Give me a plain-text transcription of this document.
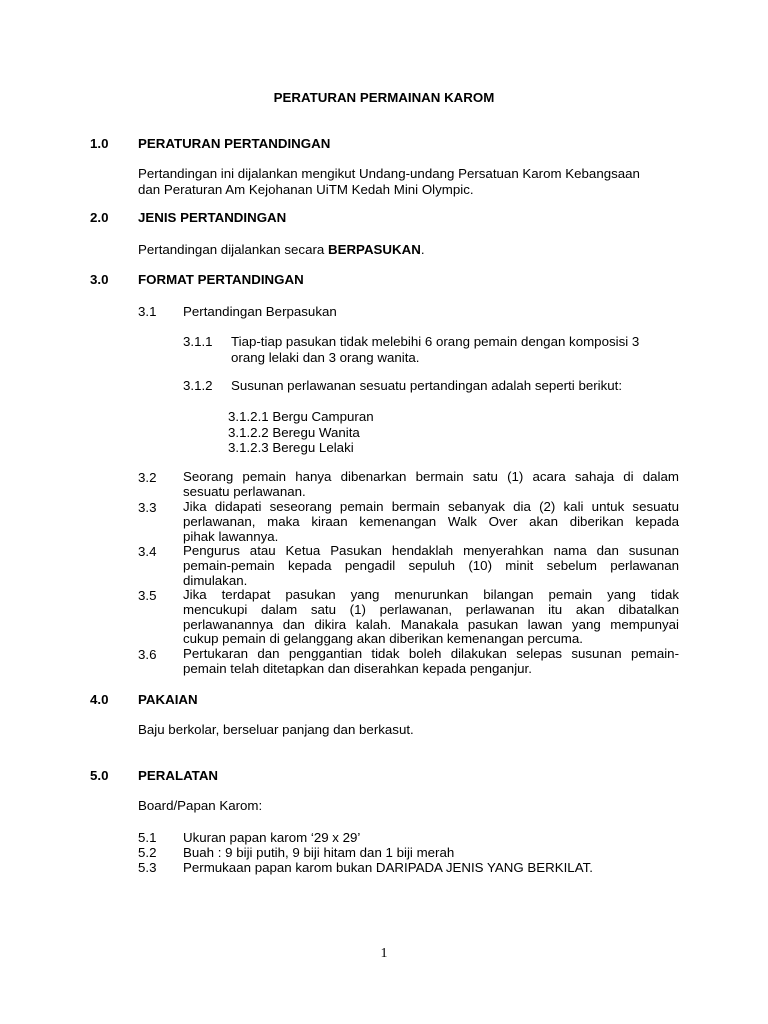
PERATURAN PERMAINAN KAROM
1.0 PERATURAN PERTANDINGAN
Pertandingan ini dijalankan mengikut Undang-undang Persatuan Karom Kebangsaan
dan Peraturan Am Kejohanan UiTM Kedah Mini Olympic.
2.0 JENIS PERTANDINGAN
Pertandingan dijalankan secara BERPASUKAN.
3.0 FORMAT PERTANDINGAN
3.1 Pertandingan Berpasukan
3.1.1 Tiap-tiap pasukan tidak melebihi 6 orang pemain dengan komposisi 3
orang lelaki dan 3 orang wanita.
3.1.2 Susunan perlawanan sesuatu pertandingan adalah seperti berikut:
3.1.2.1 Bergu Campuran
3.1.2.2 Beregu Wanita
3.1.2.3 Beregu Lelaki
3.2 Seorang pemain hanya dibenarkan bermain satu (1) acara sahaja di dalam
sesuatu perlawanan.
3.3 Jika didapati seseorang pemain bermain sebanyak dia (2) kali untuk sesuatu
perlawanan, maka kiraan kemenangan Walk Over akan diberikan kepada
pihak lawannya.
3.4 Pengurus atau Ketua Pasukan hendaklah menyerahkan nama dan susunan
pemain-pemain kepada pengadil sepuluh (10) minit sebelum perlawanan
dimulakan.
3.5 Jika terdapat pasukan yang menurunkan bilangan pemain yang tidak
mencukupi dalam satu (1) perlawanan, perlawanan itu akan dibatalkan
perlawanannya dan dikira kalah. Manakala pasukan lawan yang mempunyai
cukup pemain di gelanggang akan diberikan kemenangan percuma.
3.6 Pertukaran dan penggantian tidak boleh dilakukan selepas susunan pemain-
pemain telah ditetapkan dan diserahkan kepada penganjur.
4.0 PAKAIAN
Baju berkolar, berseluar panjang dan berkasut.
5.0 PERALATAN
Board/Papan Karom:
5.1 Ukuran papan karom ‘29 x 29’
5.2 Buah : 9 biji putih, 9 biji hitam dan 1 biji merah
5.3 Permukaan papan karom bukan DARIPADA JENIS YANG BERKILAT.
1
